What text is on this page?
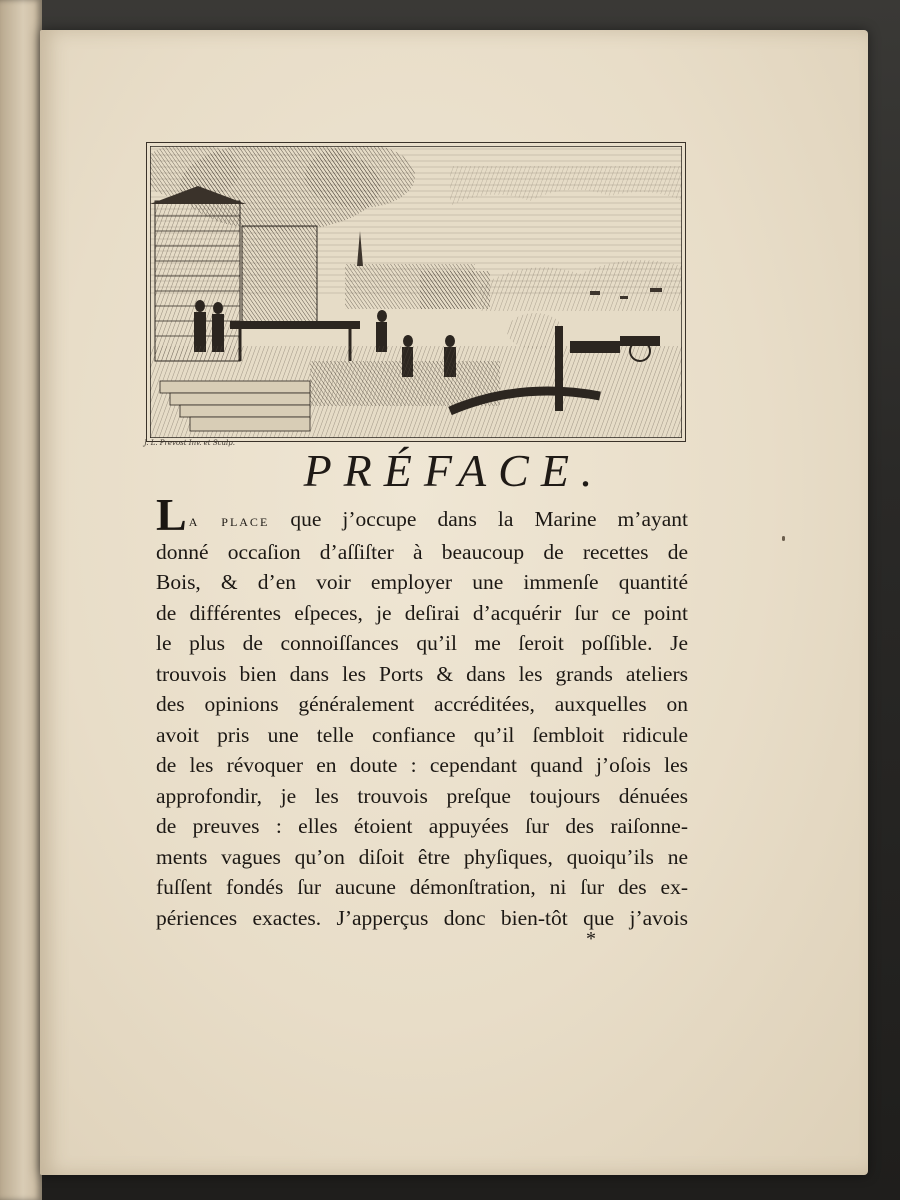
J. L. Prevost Inv. et Sculp.
PRÉFACE.
La place que j’occupe dans la Marine m’ayant
donné occaſion d’aſſiſter à beaucoup de recettes de
Bois, & d’en voir employer une immenſe quantité
de différentes eſpeces, je deſirai d’acquérir ſur ce point
le plus de connoiſſances qu’il me ſeroit poſſible. Je
trouvois bien dans les Ports & dans les grands ateliers
des opinions généralement accréditées, auxquelles on
avoit pris une telle confiance qu’il ſembloit ridicule
de les révoquer en doute : cependant quand j’oſois les
approfondir, je les trouvois preſque toujours dénuées
de preuves : elles étoient appuyées ſur des raiſonne-
ments vagues qu’on diſoit être phyſiques, quoiqu’ils ne
fuſſent fondés ſur aucune démonſtration, ni ſur des ex-
périences exactes. J’apperçus donc bien-tôt que j’avois
*
